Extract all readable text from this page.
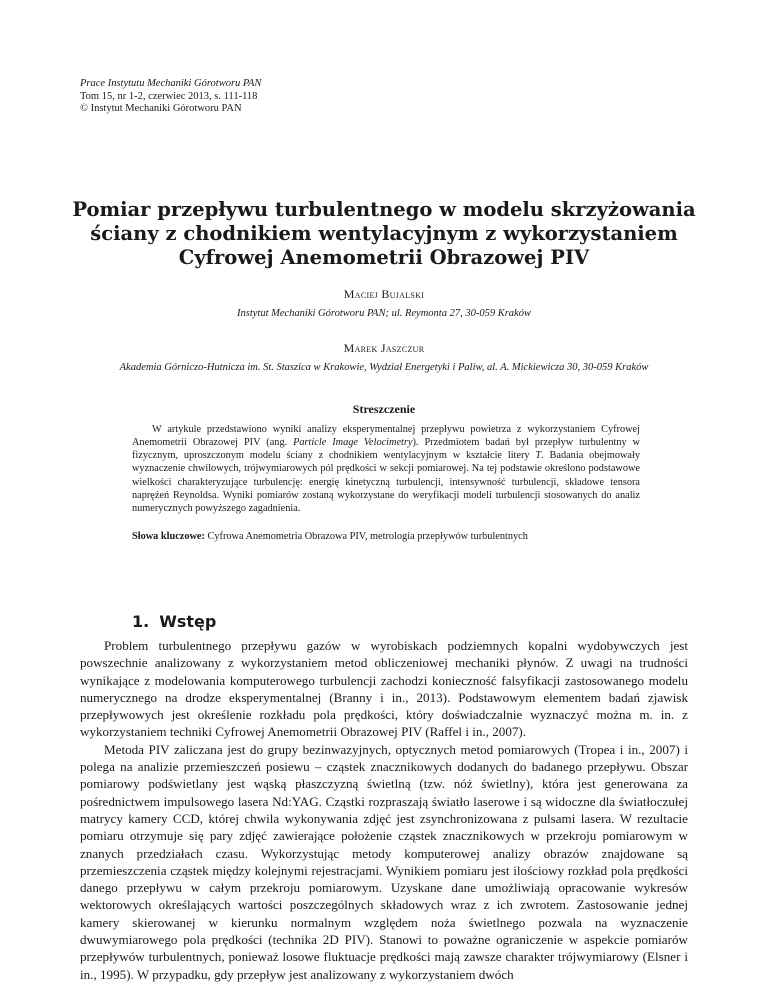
Prace Instytutu Mechaniki Górotworu PAN
Tom 15, nr 1-2, czerwiec 2013, s. 111-118
© Instytut Mechaniki Górotworu PAN
Pomiar przepływu turbulentnego w modelu skrzyżowania
ściany z chodnikiem wentylacyjnym z wykorzystaniem
Cyfrowej Anemometrii Obrazowej PIV
Maciej Bujalski
Instytut Mechaniki Górotworu PAN; ul. Reymonta 27, 30-059 Kraków
Marek Jaszczur
Akademia Górniczo-Hutnicza im. St. Staszica w Krakowie, Wydział Energetyki i Paliw, al. A. Mickiewicza 30, 30-059 Kraków
Streszczenie
W artykule przedstawiono wyniki analizy eksperymentalnej przepływu powietrza z wykorzystaniem Cyfrowej Anemometrii Obrazowej PIV (ang. Particle Image Velocimetry). Przedmiotem badań był przepływ turbulentny w fizycznym, uproszczonym modelu ściany z chodnikiem wentylacyjnym w kształcie litery T. Badania obejmowały wyznaczenie chwilowych, trójwymiarowych pól prędkości w sekcji pomiarowej. Na tej podstawie określono podstawowe wielkości charakteryzujące turbulencję: energię kinetyczną turbulencji, intensywność turbulencji, składowe tensora naprężeń Reynoldsa. Wyniki pomiarów zostaną wykorzystane do weryfikacji modeli turbulencji stosowanych do analiz numerycznych powyższego zagadnienia.
Słowa kluczowe: Cyfrowa Anemometria Obrazowa PIV, metrologia przepływów turbulentnych
1. Wstęp

Problem turbulentnego przepływu gazów w wyrobiskach podziemnych kopalni wydobywczych jest powszechnie analizowany z wykorzystaniem metod obliczeniowej mechaniki płynów. Z uwagi na trudności wynikające z modelowania komputerowego turbulencji zachodzi konieczność falsyfikacji zastosowanego modelu numerycznego na drodze eksperymentalnej (Branny i in., 2013). Podstawowym elementem badań zjawisk przepływowych jest określenie rozkładu pola prędkości, który doświadczalnie wyznaczyć można m. in. z wykorzystaniem techniki Cyfrowej Anemometrii Obrazowej PIV (Raffel i in., 2007).

Metoda PIV zaliczana jest do grupy bezinwazyjnych, optycznych metod pomiarowych (Tropea i in., 2007) i polega na analizie przemieszczeń posiewu – cząstek znacznikowych dodanych do badanego przepływu. Obszar pomiarowy podświetlany jest wąską płaszczyzną świetlną (tzw. nóż świetlny), która jest generowana za pośrednictwem impulsowego lasera Nd:YAG. Cząstki rozpraszają światło laserowe i są widoczne dla światłoczułej matrycy kamery CCD, której chwila wykonywania zdjęć jest zsynchronizowana z pulsami lasera. W rezultacie pomiaru otrzymuje się pary zdjęć zawierające położenie cząstek znacznikowych w przekroju pomiarowym w znanych przedziałach czasu. Wykorzystując metody komputerowej analizy obrazów znajdowane są przemieszczenia cząstek między kolejnymi rejestracjami. Wynikiem pomiaru jest ilościowy rozkład pola prędkości danego przepływu w całym przekroju pomiarowym. Uzyskane dane umożliwiają opracowanie wykresów wektorowych określających wartości poszczególnych składowych wraz z ich zwrotem. Zastosowanie jednej kamery skierowanej w kierunku normalnym względem noża świetlnego pozwala na wyznaczenie dwuwymiarowego pola prędkości (technika 2D PIV). Stanowi to poważne ograniczenie w aspekcie pomiarów przepływów turbulentnych, ponieważ losowe fluktuacje prędkości mają zawsze charakter trójwymiarowy (Elsner i in., 1995). W przypadku, gdy przepływ jest analizowany z wykorzystaniem dwóch
